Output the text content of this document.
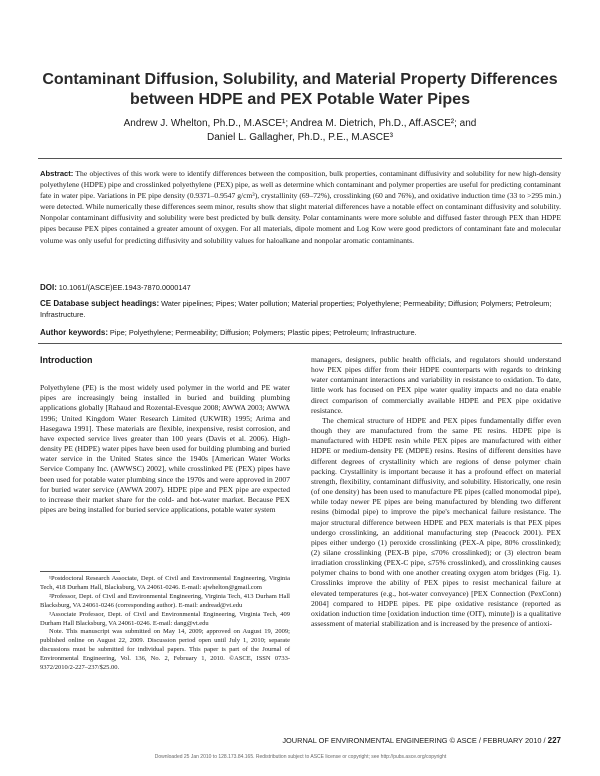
Contaminant Diffusion, Solubility, and Material Property Differences between HDPE and PEX Potable Water Pipes
Andrew J. Whelton, Ph.D., M.ASCE¹; Andrea M. Dietrich, Ph.D., Aff.ASCE²; and
Daniel L. Gallagher, Ph.D., P.E., M.ASCE³
Abstract: The objectives of this work were to identify differences between the composition, bulk properties, contaminant diffusivity and solubility for new high-density polyethylene (HDPE) pipe and crosslinked polyethylene (PEX) pipe, as well as determine which contaminant and polymer properties are useful for predicting contaminant fate in water pipe. Variations in PE pipe density (0.9371–0.9547 g/cm³), crystallinity (69–72%), crosslinking (60 and 76%), and oxidative induction time (33 to >295 min.) were detected. While numerically these differences seem minor, results show that slight material differences have a notable effect on contaminant diffusivity and solubility. Nonpolar contaminant diffusivity and solubility were best predicted by bulk density. Polar contaminants were more soluble and diffused faster through PEX than HDPE pipes because PEX pipes contained a greater amount of oxygen. For all materials, dipole moment and Log Kow were good predictors of contaminant fate and molecular volume was only useful for predicting diffusivity and solubility values for haloalkane and nonpolar aromatic contaminants.
DOI: 10.1061/(ASCE)EE.1943-7870.0000147
CE Database subject headings: Water pipelines; Pipes; Water pollution; Material properties; Polyethylene; Permeability; Diffusion; Polymers; Petroleum; Infrastructure.
Author keywords: Pipe; Polyethylene; Permeability; Diffusion; Polymers; Plastic pipes; Petroleum; Infrastructure.
Introduction

Polyethylene (PE) is the most widely used polymer in the world and PE water pipes are increasingly being installed in buried and building plumbing applications globally [Rahaud and Rozental-Evesque 2008; AWWA 2003; AWWA 1996; United Kingdom Water Research Limited (UKWIR) 1995; Arima and Hasegawa 1991]. These materials are flexible, inexpensive, resist corrosion, and have expected service lives greater than 100 years (Davis et al. 2006). High-density PE (HDPE) water pipes have been used for building plumbing and buried water service in the United States since the 1940s [American Water Works Service Company Inc. (AWWSC) 2002], while crosslinked PE (PEX) pipes have been used for potable water plumbing since the 1970s and were approved in 2007 for buried water service (AWWA 2007). HDPE pipe and PEX pipe are expected to increase their market share for the cold- and hot-water market. Because PEX pipes are being installed for buried service applications, potable water system

managers, designers, public health officials, and regulators should understand how PEX pipes differ from their HDPE counterparts with regards to drinking water contaminant interactions and variability in resistance to oxidation. To date, little work has focused on PEX pipe water quality impacts and no data enable direct comparison of commercially available HDPE and PEX pipe oxidative resistance.

The chemical structure of HDPE and PEX pipes fundamentally differ even though they are manufactured from the same PE resins. HDPE pipe is manufactured with HDPE resin while PEX pipes are manufactured with either HDPE or medium-density PE (MDPE) resins. Resins of different densities have different degrees of crystallinity which are regions of dense polymer chain packing. Crystallinity is important because it has a profound effect on material strength, flexibility, contaminant diffusivity, and solubility. Historically, one resin (of one density) has been used to manufacture PE pipes (called monomodal pipe), while today newer PE pipes are being manufactured by blending two different resins (bimodal pipe) to improve the pipe's mechanical failure resistance. The major structural difference between HDPE and PEX materials is that PEX pipes undergo crosslinking, an additional manufacturing step (Peacock 2001). PEX pipes either undergo (1) peroxide crosslinking (PEX-A pipe, 80% crosslinked); (2) silane crosslinking (PEX-B pipe, ≤70% crosslinked); or (3) electron beam irradiation crosslinking (PEX-C pipe, ≤75% crosslinked), and crosslinking causes polymer chains to bond with one another creating oxygen atom bridges (Fig. 1). Crosslinks improve the ability of PEX pipes to resist mechanical failure at elevated temperatures (e.g., hot-water conveyance) [PEX Connection (PexConn) 2004] compared to HDPE pipes. PE pipe oxidative resistance (reported as oxidation induction time [oxidation induction time (OIT), minute]) is a qualitative assessment of material stabilization and is increased by the presence of antioxi-

¹Postdoctoral Research Associate, Dept. of Civil and Environmental Engineering, Virginia Tech, 418 Durham Hall, Blacksburg, VA 24061-0246. E-mail: ajwhelton@gmail.com

²Professor, Dept. of Civil and Environmental Engineering, Virginia Tech, 413 Durham Hall Blacksburg, VA 24061-0246 (corresponding author). E-mail: andread@vt.edu

³Associate Professor, Dept. of Civil and Environmental Engineering, Virginia Tech, 409 Durham Hall Blacksburg, VA 24061-0246. E-mail: dang@vt.edu

Note. This manuscript was submitted on May 14, 2009; approved on August 19, 2009; published online on August 22, 2009. Discussion period open until July 1, 2010; separate discussions must be submitted for individual papers. This paper is part of the Journal of Environmental Engineering, Vol. 136, No. 2, February 1, 2010. ©ASCE, ISSN 0733-9372/2010/2-227–237/$25.00.

JOURNAL OF ENVIRONMENTAL ENGINEERING © ASCE / FEBRUARY 2010 / 227
Downloaded 25 Jan 2010 to 128.173.84.165. Redistribution subject to ASCE license or copyright; see http://pubs.asce.org/copyright
